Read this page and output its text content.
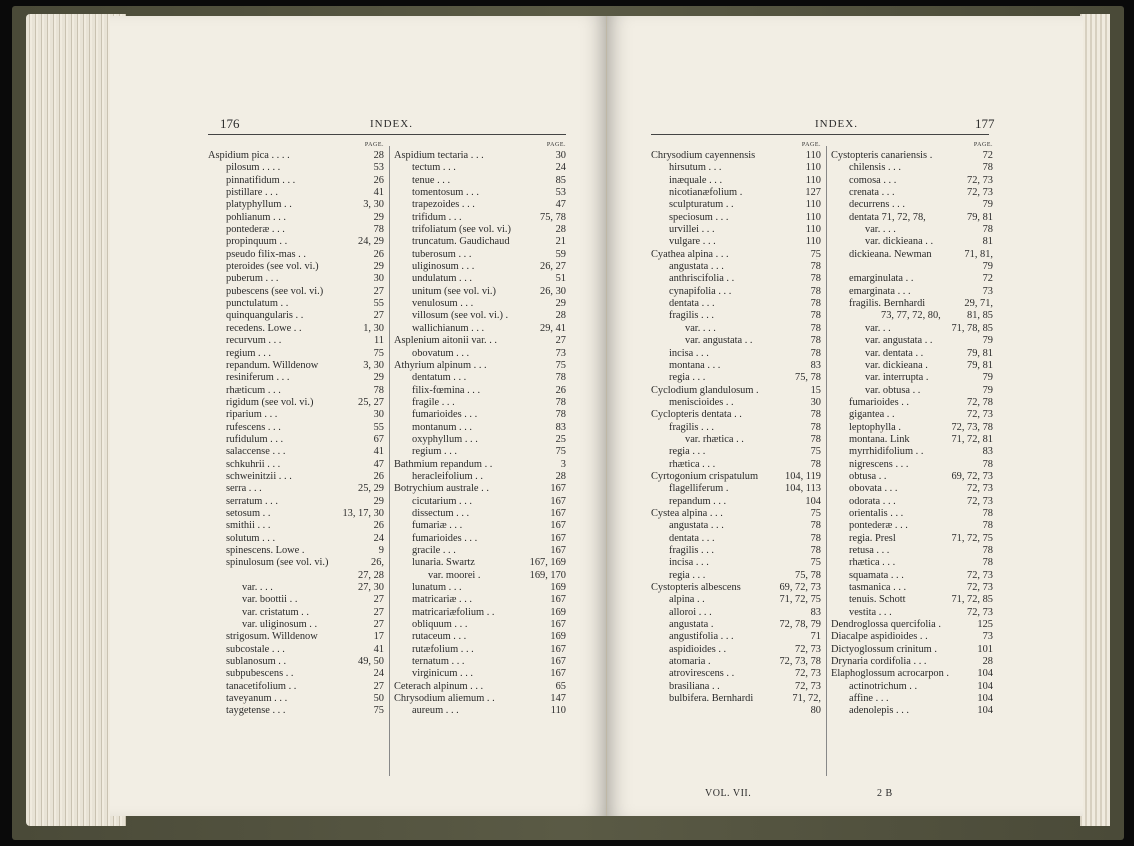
176	INDEX.
PAGE.
Aspidium pica . . . .	28
pilosum . . . .	53
pinnatifidum . . .	26
pistillare . . .	41
platyphyllum . .	3, 30
pohlianum . . .	29
pontederæ . . .	78
propinquum . .	24, 29
pseudo filix-mas . .	26
pteroides (see vol. vi.)	29
puberum . . .	30
pubescens (see vol. vi.)	27
punctulatum . .	55
quinquangularis . .	27
recedens. Lowe . .	1, 30
recurvum . . .	11
regium . . .	75
repandum. Willdenow	3, 30
resiniferum . . .	29
rhæticum . . .	78
rigidum (see vol. vi.)	25, 27
riparium . . .	30
rufescens . . .	55
rufidulum . . .	67
salaccense . . .	41
schkuhrii . . .	47
schweinitzii . . .	26
serra . . .	25, 29
serratum . . .	29
setosum . .	13, 17, 30
smithii . . .	26
solutum . . .	24
spinescens. Lowe .	9
spinulosum (see vol. vi.)	26,
27, 28
var. . . .	27, 30
var. boottii . .	27
var. cristatum . .	27
var. uliginosum . .	27
strigosum. Willdenow	17
subcostale . . .	41
sublanosum . .	49, 50
subpubescens . .	24
tanacetifolium . .	27
taveyanum . . .	50
taygetense . . .	75
PAGE.
Aspidium tectaria . . .	30
tectum . . .	24
tenue . . .	85
tomentosum . . .	53
trapezoides . . .	47
trifidum . . .	75, 78
trifoliatum (see vol. vi.)	28
truncatum. Gaudichaud	21
tuberosum . . .	59
uliginosum . . .	26, 27
undulatum . . .	51
unitum (see vol. vi.)	26, 30
venulosum . . .	29
villosum (see vol. vi.) .	28
wallichianum . . .	29, 41
Asplenium aitonii var. . .	27
obovatum . . .	73
Athyrium alpinum . . .	75
dentatum . . .	78
filix-fœmina . . .	26
fragile . . .	78
fumarioides . . .	78
montanum . . .	83
oxyphyllum . . .	25
regium . . .	75
Bathmium repandum . .	3
heracleifolium . .	28
Botrychium australe . .	167
cicutarium . . .	167
dissectum . . .	167
fumariæ . . .	167
fumarioides . . .	167
gracile . . .	167
lunaria. Swartz	167, 169
var. moorei .	169, 170
lunatum . . .	169
matricariæ . . .	167
matricariæfolium . .	169
obliquum . . .	167
rutaceum . . .	169
rutæfolium . . .	167
ternatum . . .	167
virginicum . . .	167
Ceterach alpinum . . .	65
Chrysodium aliemum . .	147
aureum . . .	110
INDEX.	177
PAGE.
Chrysodium cayennensis	110
hirsutum . . .	110
inæquale . . .	110
nicotianæfolium .	127
sculpturatum . .	110
speciosum . . .	110
urvillei . . .	110
vulgare . . .	110
Cyathea alpina . . .	75
angustata . . .	78
anthriscifolia . .	78
cynapifolia . . .	78
dentata . . .	78
fragilis . . .	78
var. . . .	78
var. angustata . .	78
incisa . . .	78
montana . . .	83
regia . . .	75, 78
Cyclodium glandulosum .	15
meniscioides . .	30
Cyclopteris dentata . .	78
fragilis . . .	78
var. rhætica . .	78
regia . . .	75
rhætica . . .	78
Cyrtogonium crispatulum	104, 119
flagelliferum .	104, 113
repandum . . .	104
Cystea alpina . . .	75
angustata . . .	78
dentata . . .	78
fragilis . . .	78
incisa . . .	75
regia . . .	75, 78
Cystopteris albescens	69, 72, 73
alpina . .	71, 72, 75
alloroi . . .	83
angustata .	72, 78, 79
angustifolia . . .	71
aspidioides . .	72, 73
atomaria .	72, 73, 78
atrovirescens . .	72, 73
brasiliana . .	72, 73
bulbifera. Bernhardi	71, 72,
80
PAGE.
Cystopteris canariensis .	72
chilensis . . .	78
comosa . . .	72, 73
crenata . . .	72, 73
decurrens . . .	79
dentata 71, 72, 78,	79, 81
var. . . .	78
var. dickieana . .	81
dickieana. Newman	71, 81,
79
emarginulata . .	72
emarginata . . .	73
fragilis. Bernhardi	29, 71,
73, 77, 72, 80,	81, 85
var. . .	71, 78, 85
var. angustata . .	79
var. dentata . .	79, 81
var. dickieana .	79, 81
var. interrupta .	79
var. obtusa . .	79
fumarioides . .	72, 78
gigantea . .	72, 73
leptophylla .	72, 73, 78
montana. Link	71, 72, 81
myrrhidifolium . .	83
nigrescens . . .	78
obtusa . .	69, 72, 73
obovata . . .	72, 73
odorata . . .	72, 73
orientalis . . .	78
pontederæ . . .	78
regia. Presl	71, 72, 75
retusa . . .	78
rhætica . . .	78
squamata . . .	72, 73
tasmanica . . .	72, 73
tenuis. Schott	71, 72, 85
vestita . . .	72, 73
Dendroglossa quercifolia .	125
Diacalpe aspidioides . .	73
Dictyoglossum crinitum .	101
Drynaria cordifolia . . .	28
Elaphoglossum acrocarpon .	104
actinotrichum . .	104
affine . . .	104
adenolepis . . .	104
VOL. VII.	2 B
